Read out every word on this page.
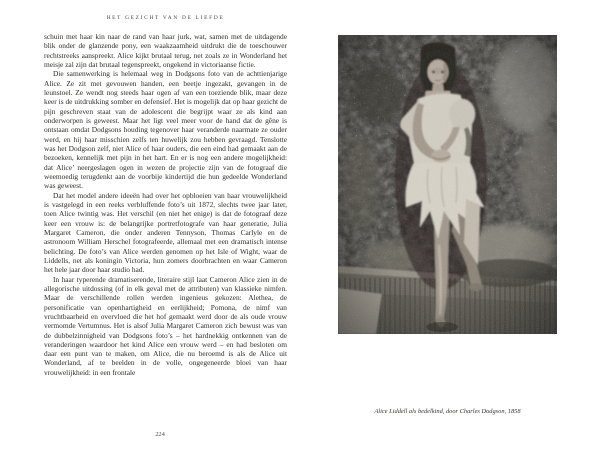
HET GEZICHT VAN DE LIEFDE

schuin met haar kin naar de rand van haar jurk, wat, samen met de uitdagende blik onder de glanzende pony, een waakzaamheid uitdrukt die de toeschouwer rechtstreeks aanspreekt. Alice kijkt brutaal terug, net zoals ze in Wonderland het meisje zal zijn dat brutaal tegenspreekt, ongekend in victoriaanse fictie.

Die samenwerking is helemaal weg in Dodgsons foto van de achttienjarige Alice. Ze zit met gevouwen handen, een beetje ingezakt, gevangen in de leunstoel. Ze wendt nog steeds haar ogen af van een toeziende blik, maar deze keer is de uitdrukking somber en defensief. Het is mogelijk dat op haar gezicht de pijn geschreven staat van de adolescent die begrijpt waar ze als kind aan onderworpen is geweest. Maar het ligt veel meer voor de hand dat de gêne is ontstaan omdat Dodgsons houding tegenover haar veranderde naarmate ze ouder werd, en hij haar misschien zelfs ten huwelijk zou hebben gevraagd. Tenslotte was het Dodgson zelf, niet Alice of haar ouders, die een eind had gemaakt aan de bezoeken, kennelijk met pijn in het hart. En er is nog een andere mogelijkheid: dat Alice’ neergeslagen ogen in wezen de projectie zijn van de fotograaf die weemoedig terugdenkt aan de voorbije kindertijd die hun gedeelde Wonderland was geweest.

Dat het model andere ideeën had over het opbloeien van haar vrouwelijkheid is vastgelegd in een reeks verbluffende foto’s uit 1872, slechts twee jaar later, toen Alice twintig was. Het verschil (en niet het enige) is dat de fotograaf deze keer een vrouw is: de belangrijke portretfotografe van haar generatie, Julia Margaret Cameron, die onder anderen Tennyson, Thomas Carlyle en de astronoom William Herschel fotografeerde, allemaal met een dramatisch intense belichting. De foto’s van Alice werden genomen op het Isle of Wight, waar de Liddells, net als koningin Victoria, hun zomers doorbrachten en waar Cameron het hele jaar door haar studio had.

In haar typerende dramatiserende, literaire stijl laat Cameron Alice zien in de allegorische uitdossing (of in elk geval met de attributen) van klassieke nimfen. Maar de verschillende rollen werden ingenieus gekozen: Alethea, de personificatie van openhartigheid en eerlijkheid; Pomona, de nimf van vruchtbaarheid en overvloed die het hof gemaakt werd door de als oude vrouw vermomde Vertumnus. Het is alsof Julia Margaret Cameron zich bewust was van de dubbelzinnigheid van Dodgsons foto’s – het hardnekkig ontkennen van de veranderingen waardoor het kind Alice een vrouw werd – en had besloten om daar een punt van te maken, om Alice, die nu beroemd is als de Alice uit Wonderland, af te beelden in de volle, ongegeneerde bloei van haar vrouwelijkheid: in een frontale

224
Alice Liddell als bedelkind, door Charles Dodgson, 1858
